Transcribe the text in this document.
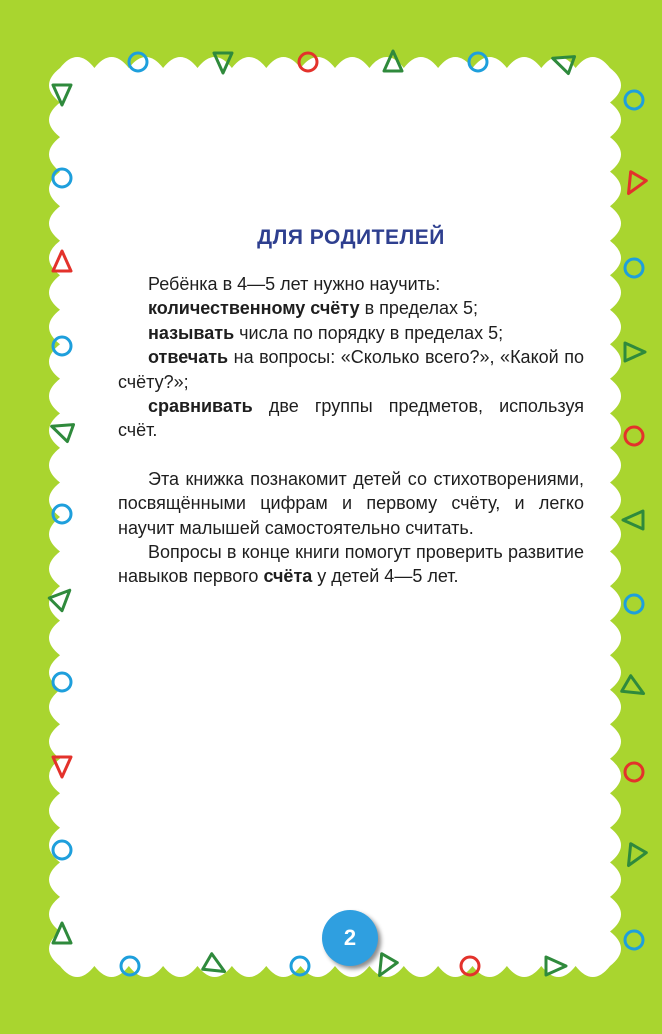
ДЛЯ РОДИТЕЛЕЙ

Ребёнка в 4—5 лет нужно научить:

количественному счёту в пределах 5;

называть числа по порядку в пределах 5;

отвечать на вопросы: «Сколько всего?», «Какой по счёту?»;

сравнивать две группы предметов, используя счёт.

Эта книжка познакомит детей со стихотворениями, посвящёнными цифрам и первому счёту, и легко научит малышей самостоятельно считать.

Вопросы в конце книги помогут проверить развитие навыков первого счёта у детей 4—5 лет.

2
